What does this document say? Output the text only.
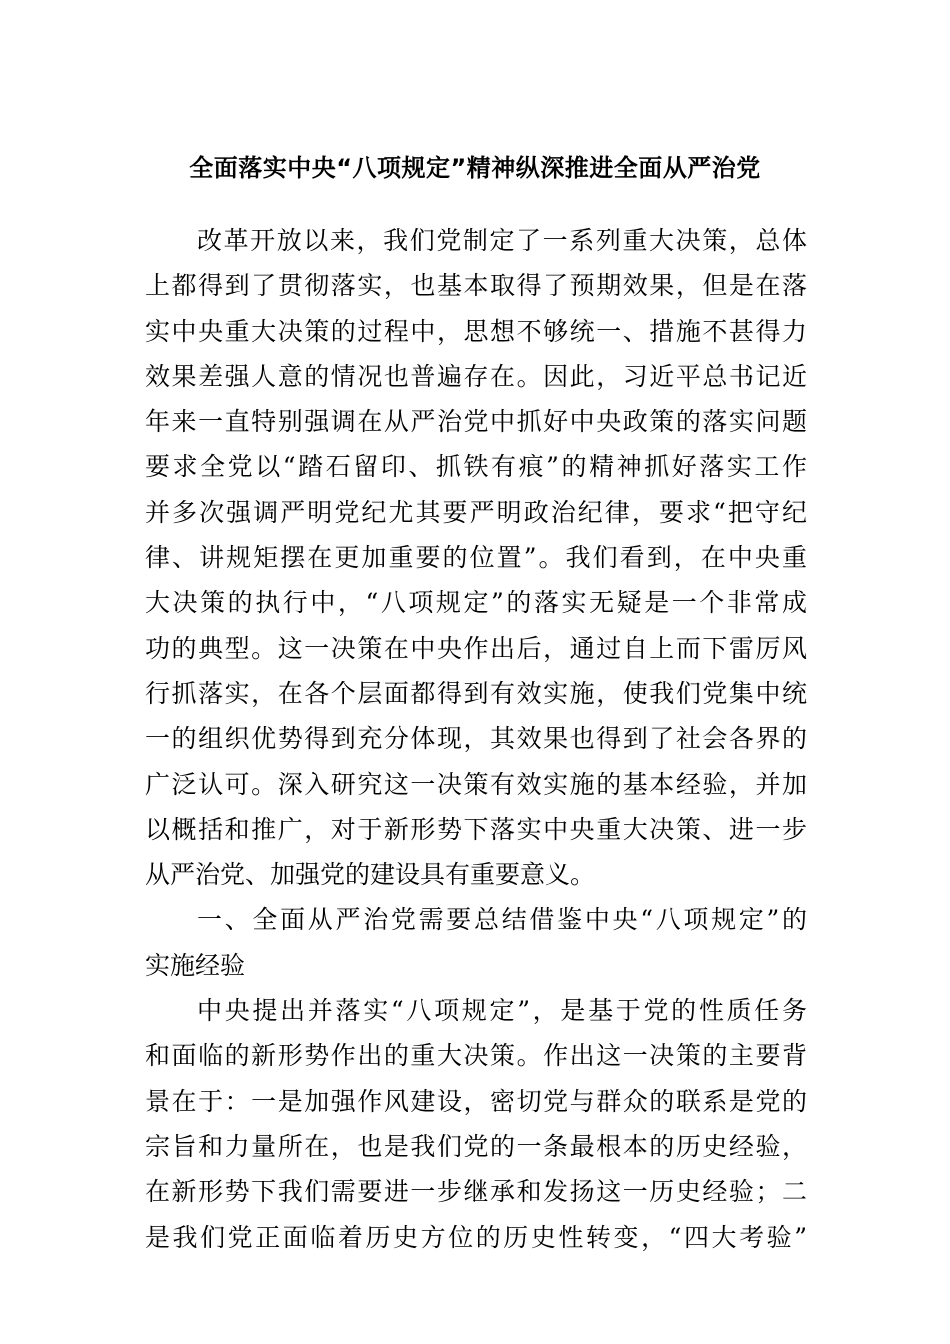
全面落实中央“八项规定”精神纵深推进全面从严治党
改革开放以来，我们党制定了一系列重大决策，总体
上都得到了贯彻落实，也基本取得了预期效果，但是在落
实中央重大决策的过程中，思想不够统一、措施不甚得力
效果差强人意的情况也普遍存在。因此，习近平总书记近
年来一直特别强调在从严治党中抓好中央政策的落实问题
要求全党以“踏石留印、抓铁有痕”的精神抓好落实工作
并多次强调严明党纪尤其要严明政治纪律，要求“把守纪
律、讲规矩摆在更加重要的位置”。我们看到，在中央重
大决策的执行中，“八项规定”的落实无疑是一个非常成
功的典型。这一决策在中央作出后，通过自上而下雷厉风
行抓落实，在各个层面都得到有效实施，使我们党集中统
一的组织优势得到充分体现，其效果也得到了社会各界的
广泛认可。深入研究这一决策有效实施的基本经验，并加
以概括和推广，对于新形势下落实中央重大决策、进一步
从严治党、加强党的建设具有重要意义。
一、全面从严治党需要总结借鉴中央“八项规定”的
实施经验
中央提出并落实“八项规定”，是基于党的性质任务
和面临的新形势作出的重大决策。作出这一决策的主要背
景在于：一是加强作风建设，密切党与群众的联系是党的
宗旨和力量所在，也是我们党的一条最根本的历史经验，
在新形势下我们需要进一步继承和发扬这一历史经验；二
是我们党正面临着历史方位的历史性转变，“四大考验”
